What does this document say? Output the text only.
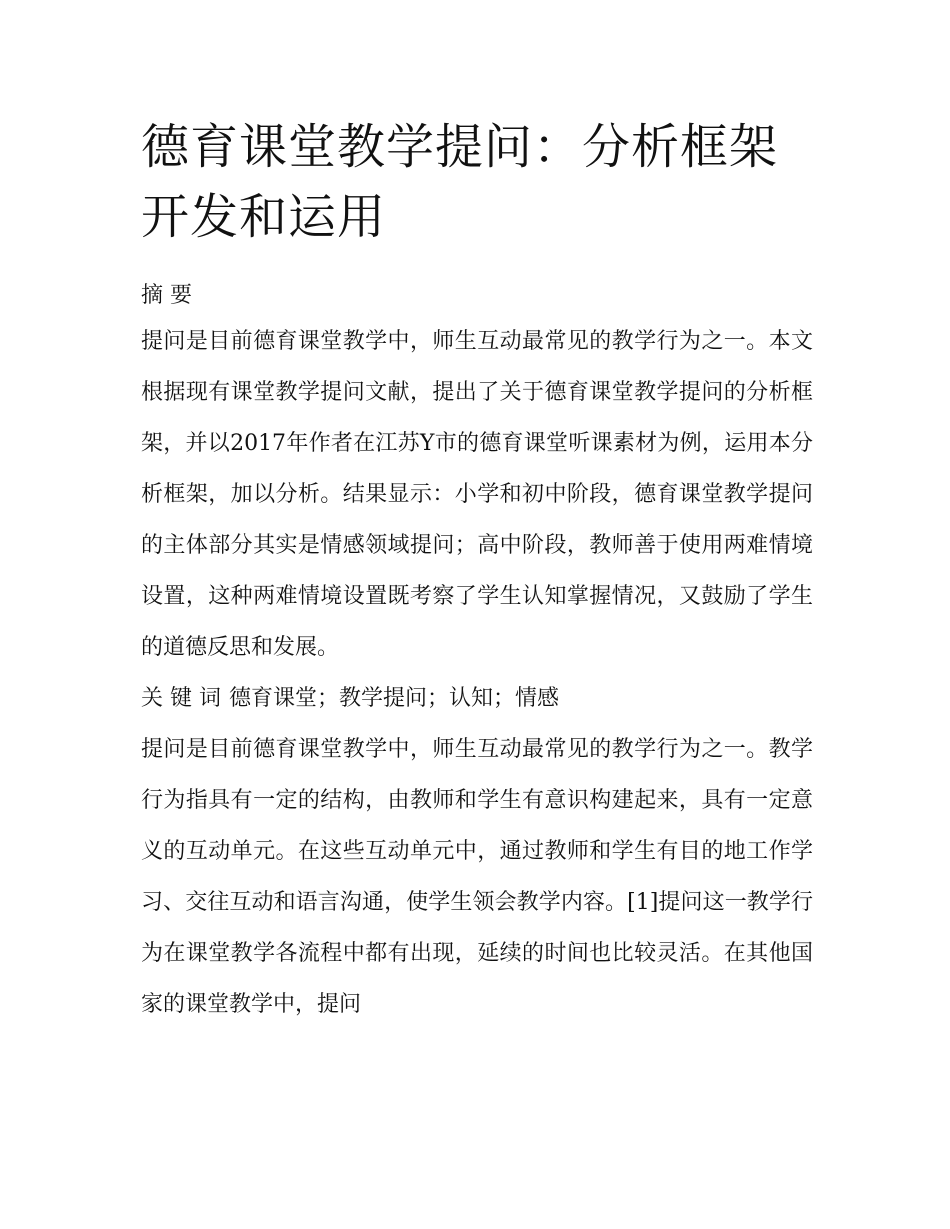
德育课堂教学提问：分析框架开发和运用
摘 要

提问是目前德育课堂教学中，师生互动最常见的教学行为之一。本文根据现有课堂教学提问文献，提出了关于德育课堂教学提问的分析框架，并以2017年作者在江苏Y市的德育课堂听课素材为例，运用本分析框架，加以分析。结果显示：小学和初中阶段，德育课堂教学提问的主体部分其实是情感领域提问；高中阶段，教师善于使用两难情境设置，这种两难情境设置既考察了学生认知掌握情况，又鼓励了学生的道德反思和发展。

关 键 词 德育课堂；教学提问；认知；情感

提问是目前德育课堂教学中，师生互动最常见的教学行为之一。教学行为指具有一定的结构，由教师和学生有意识构建起来，具有一定意义的互动单元。在这些互动单元中，通过教师和学生有目的地工作学习、交往互动和语言沟通，使学生领会教学内容。[1]提问这一教学行为在课堂教学各流程中都有出现，延续的时间也比较灵活。在其他国家的课堂教学中，提问
